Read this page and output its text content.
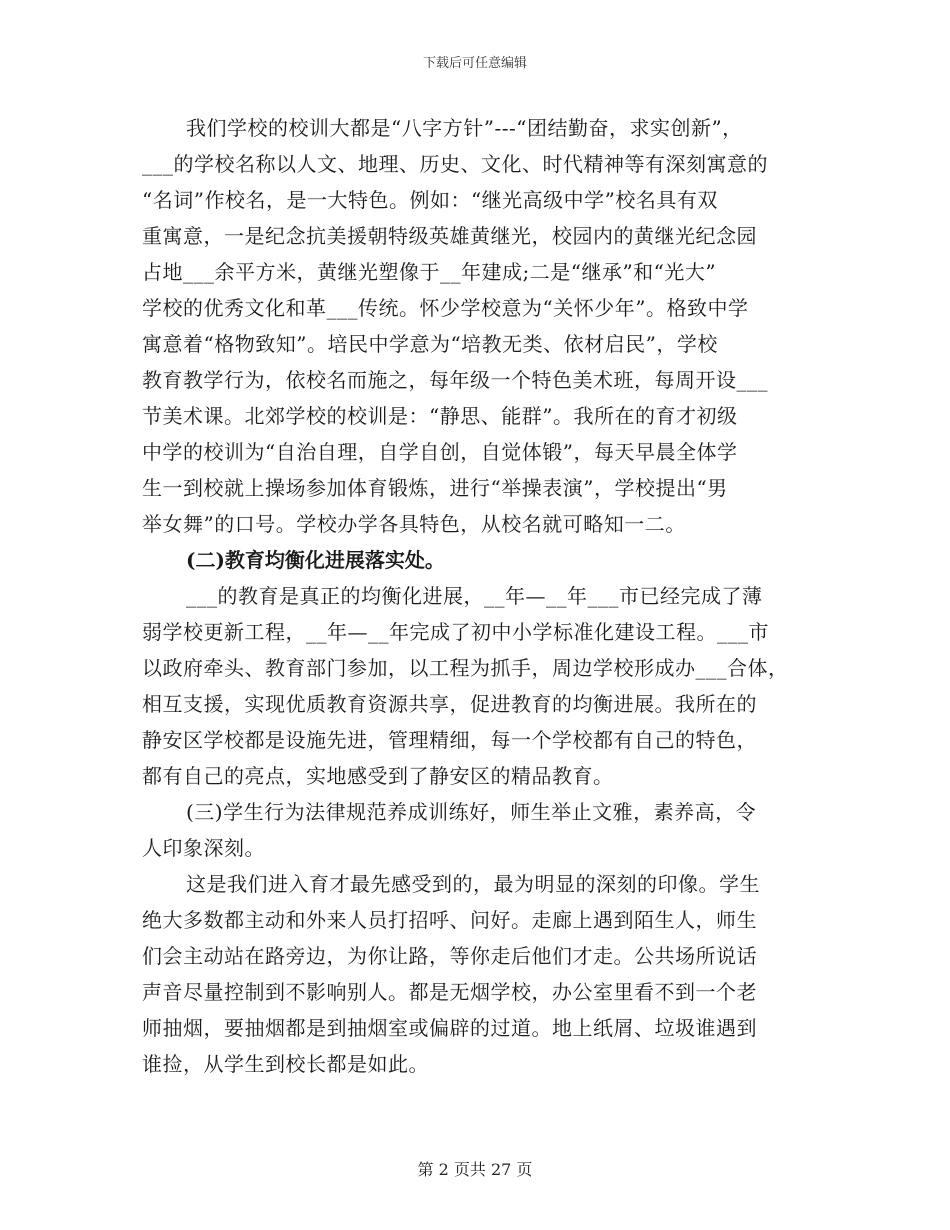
下载后可任意编辑

我们学校的校训大都是“八字方针”---“团结勤奋，求实创新”，
___的学校名称以人文、地理、历史、文化、时代精神等有深刻寓意的
“名词”作校名，是一大特色。例如：“继光高级中学”校名具有双
重寓意，一是纪念抗美援朝特级英雄黄继光，校园内的黄继光纪念园
占地___余平方米，黄继光塑像于__年建成;二是“继承”和“光大”
学校的优秀文化和革___传统。怀少学校意为“关怀少年”。格致中学
寓意着“格物致知”。培民中学意为“培教无类、依材启民”，学校
教育教学行为，依校名而施之，每年级一个特色美术班，每周开设___
节美术课。北郊学校的校训是：“静思、能群”。我所在的育才初级
中学的校训为“自治自理，自学自创，自觉体锻”，每天早晨全体学
生一到校就上操场参加体育锻炼，进行“举操表演”，学校提出“男
举女舞”的口号。学校办学各具特色，从校名就可略知一二。

(二)教育均衡化进展落实处。

___的教育是真正的均衡化进展，__年—__年___市已经完成了薄
弱学校更新工程，__年—__年完成了初中小学标准化建设工程。___市
以政府牵头、教育部门参加，以工程为抓手，周边学校形成办___合体，
相互支援，实现优质教育资源共享，促进教育的均衡进展。我所在的
静安区学校都是设施先进，管理精细，每一个学校都有自己的特色，
都有自己的亮点，实地感受到了静安区的精品教育。

(三)学生行为法律规范养成训练好，师生举止文雅，素养高，令
人印象深刻。

这是我们进入育才最先感受到的，最为明显的深刻的印像。学生
绝大多数都主动和外来人员打招呼、问好。走廊上遇到陌生人，师生
们会主动站在路旁边，为你让路，等你走后他们才走。公共场所说话
声音尽量控制到不影响别人。都是无烟学校，办公室里看不到一个老
师抽烟，要抽烟都是到抽烟室或偏辟的过道。地上纸屑、垃圾谁遇到
谁捡，从学生到校长都是如此。

第 2 页共 27 页
